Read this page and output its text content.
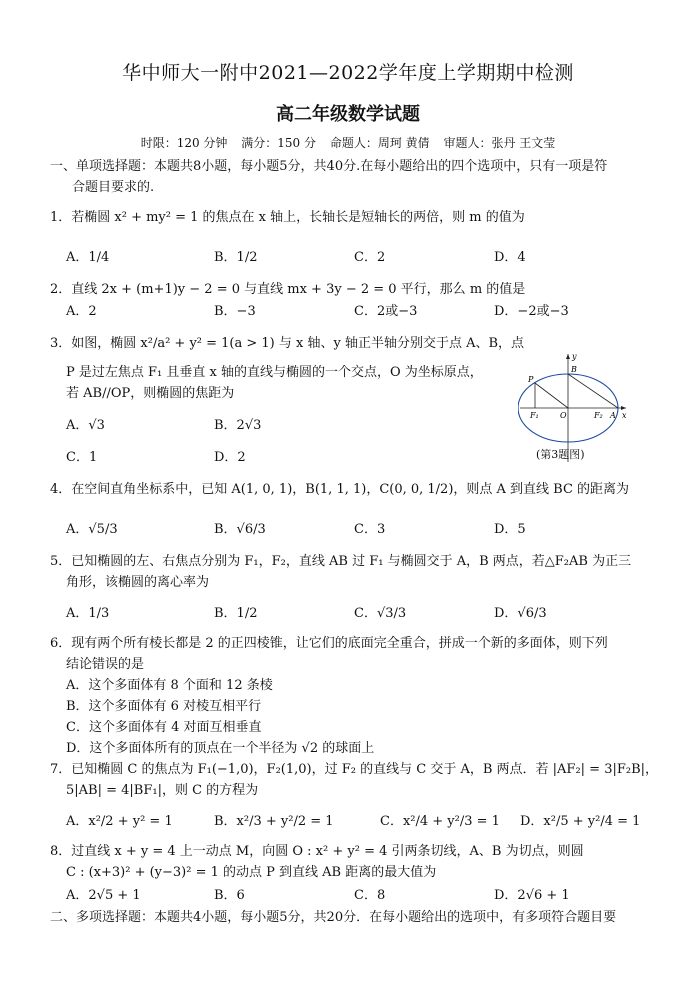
华中师大一附中2021—2022学年度上学期期中检测
高二年级数学试题
时限：120 分钟 满分：150 分 命题人：周珂 黄倩 审题人：张丹 王文莹
一、单项选择题：本题共8小题，每小题5分，共40分.在每小题给出的四个选项中，只有一项是符
合题目要求的.
1．若椭圆 x² + my² = 1 的焦点在 x 轴上，长轴长是短轴长的两倍，则 m 的值为
A．1/4	B．1/2	C．2	D．4
2．直线 2x + (m+1)y − 2 = 0 与直线 mx + 3y − 2 = 0 平行，那么 m 的值是
A．2	B．−3	C．2或−3	D．−2或−3
3．如图，椭圆 x²/a² + y² = 1(a > 1) 与 x 轴、y 轴正半轴分别交于点 A、B，点
P 是过左焦点 F₁ 且垂直 x 轴的直线与椭圆的一个交点，O 为坐标原点，
若 AB//OP，则椭圆的焦距为
A．√3	B．2√3
C．1	D．2
y
x
P
B
F₁	O	F₂ A
(第3题图)
4．在空间直角坐标系中，已知 A(1, 0, 1)，B(1, 1, 1)，C(0, 0, 1/2)，则点 A 到直线 BC 的距离为
A．√5/3	B．√6/3	C．3	D．5
5．已知椭圆的左、右焦点分别为 F₁，F₂，直线 AB 过 F₁ 与椭圆交于 A，B 两点，若△F₂AB 为正三
角形，该椭圆的离心率为
A．1/3	B．1/2	C．√3/3	D．√6/3
6．现有两个所有棱长都是 2 的正四棱锥，让它们的底面完全重合，拼成一个新的多面体，则下列
结论错误的是
A．这个多面体有 8 个面和 12 条棱
B．这个多面体有 6 对棱互相平行
C．这个多面体有 4 对面互相垂直
D．这个多面体所有的顶点在一个半径为 √2 的球面上
7．已知椭圆 C 的焦点为 F₁(−1,0)，F₂(1,0)，过 F₂ 的直线与 C 交于 A，B 两点．若 |AF₂| = 3|F₂B|，
5|AB| = 4|BF₁|，则 C 的方程为
A．x²/2 + y² = 1	B．x²/3 + y²/2 = 1	C．x²/4 + y²/3 = 1 D．x²/5 + y²/4 = 1
8．过直线 x + y = 4 上一动点 M，向圆 O : x² + y² = 4 引两条切线，A、B 为切点，则圆
C : (x+3)² + (y−3)² = 1 的动点 P 到直线 AB 距离的最大值为
A．2√5 + 1	B．6	C．8	D．2√6 + 1
二、多项选择题：本题共4小题，每小题5分，共20分．在每小题给出的选项中，有多项符合题目要
